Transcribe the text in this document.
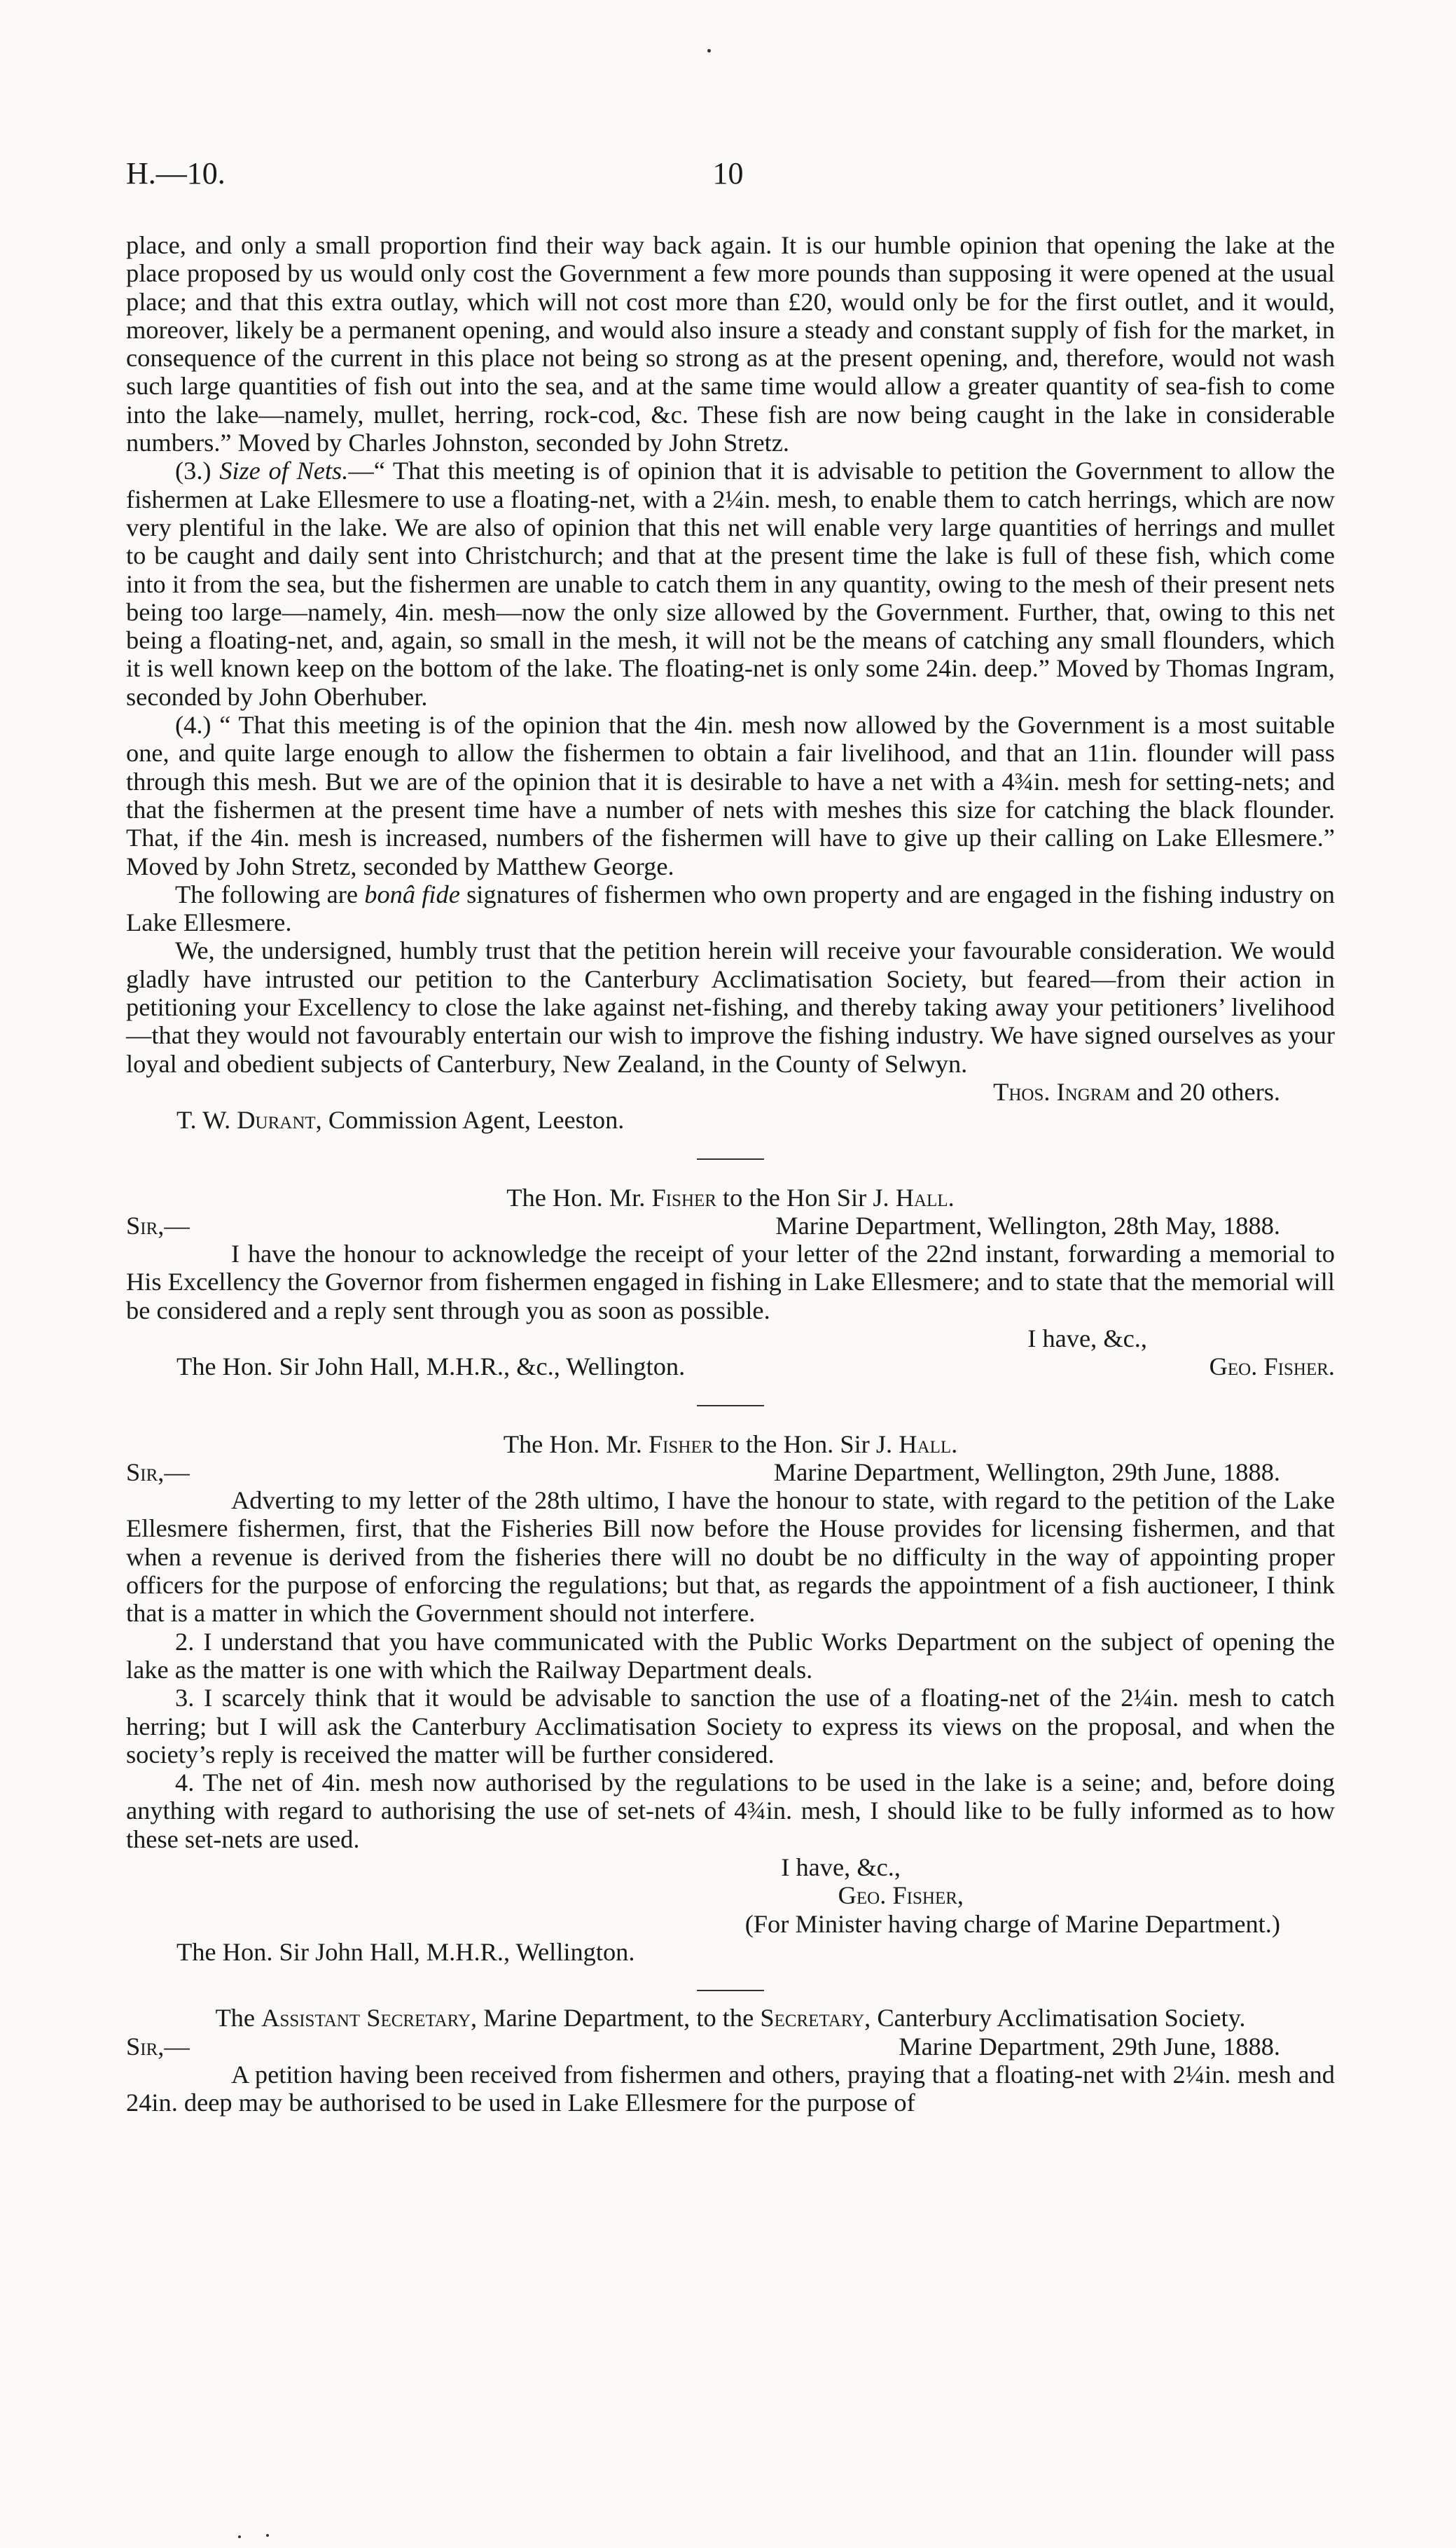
H.—10.	10

place, and only a small proportion find their way back again. It is our humble opinion that opening the lake at the place proposed by us would only cost the Government a few more pounds than supposing it were opened at the usual place; and that this extra outlay, which will not cost more than £20, would only be for the first outlet, and it would, moreover, likely be a permanent opening, and would also insure a steady and constant supply of fish for the market, in consequence of the current in this place not being so strong as at the present opening, and, therefore, would not wash such large quantities of fish out into the sea, and at the same time would allow a greater quantity of sea-fish to come into the lake—namely, mullet, herring, rock-cod, &c. These fish are now being caught in the lake in considerable numbers.” Moved by Charles Johnston, seconded by John Stretz.

(3.) Size of Nets.—“ That this meeting is of opinion that it is advisable to petition the Government to allow the fishermen at Lake Ellesmere to use a floating-net, with a 2¼in. mesh, to enable them to catch herrings, which are now very plentiful in the lake. We are also of opinion that this net will enable very large quantities of herrings and mullet to be caught and daily sent into Christchurch; and that at the present time the lake is full of these fish, which come into it from the sea, but the fishermen are unable to catch them in any quantity, owing to the mesh of their present nets being too large—namely, 4in. mesh—now the only size allowed by the Government. Further, that, owing to this net being a floating-net, and, again, so small in the mesh, it will not be the means of catching any small flounders, which it is well known keep on the bottom of the lake. The floating-net is only some 24in. deep.” Moved by Thomas Ingram, seconded by John Oberhuber.

(4.) “ That this meeting is of the opinion that the 4in. mesh now allowed by the Government is a most suitable one, and quite large enough to allow the fishermen to obtain a fair livelihood, and that an 11in. flounder will pass through this mesh. But we are of the opinion that it is desirable to have a net with a 4¾in. mesh for setting-nets; and that the fishermen at the present time have a number of nets with meshes this size for catching the black flounder. That, if the 4in. mesh is increased, numbers of the fishermen will have to give up their calling on Lake Ellesmere.” Moved by John Stretz, seconded by Matthew George.

The following are bonâ fide signatures of fishermen who own property and are engaged in the fishing industry on Lake Ellesmere.

We, the undersigned, humbly trust that the petition herein will receive your favourable consideration. We would gladly have intrusted our petition to the Canterbury Acclimatisation Society, but feared—from their action in petitioning your Excellency to close the lake against net-fishing, and thereby taking away your petitioners’ livelihood—that they would not favourably entertain our wish to improve the fishing industry. We have signed ourselves as your loyal and obedient subjects of Canterbury, New Zealand, in the County of Selwyn.

Thos. Ingram and 20 others.

T. W. Durant, Commission Agent, Leeston.

The Hon. Mr. Fisher to the Hon Sir J. Hall.

Sir,—	Marine Department, Wellington, 28th May, 1888.

I have the honour to acknowledge the receipt of your letter of the 22nd instant, forwarding a memorial to His Excellency the Governor from fishermen engaged in fishing in Lake Ellesmere; and to state that the memorial will be considered and a reply sent through you as soon as possible.

I have, &c.,

The Hon. Sir John Hall, M.H.R., &c., Wellington.	Geo. Fisher.

The Hon. Mr. Fisher to the Hon. Sir J. Hall.

Sir,—	Marine Department, Wellington, 29th June, 1888.

Adverting to my letter of the 28th ultimo, I have the honour to state, with regard to the petition of the Lake Ellesmere fishermen, first, that the Fisheries Bill now before the House provides for licensing fishermen, and that when a revenue is derived from the fisheries there will no doubt be no difficulty in the way of appointing proper officers for the purpose of enforcing the regulations; but that, as regards the appointment of a fish auctioneer, I think that is a matter in which the Government should not interfere.

2. I understand that you have communicated with the Public Works Department on the subject of opening the lake as the matter is one with which the Railway Department deals.

3. I scarcely think that it would be advisable to sanction the use of a floating-net of the 2¼in. mesh to catch herring; but I will ask the Canterbury Acclimatisation Society to express its views on the proposal, and when the society’s reply is received the matter will be further considered.

4. The net of 4in. mesh now authorised by the regulations to be used in the lake is a seine; and, before doing anything with regard to authorising the use of set-nets of 4¾in. mesh, I should like to be fully informed as to how these set-nets are used.

I have, &c.,

Geo. Fisher,

(For Minister having charge of Marine Department.)

The Hon. Sir John Hall, M.H.R., Wellington.

The Assistant Secretary, Marine Department, to the Secretary, Canterbury Acclimatisation Society.

Sir,—	Marine Department, 29th June, 1888.

A petition having been received from fishermen and others, praying that a floating-net with 2¼in. mesh and 24in. deep may be authorised to be used in Lake Ellesmere for the purpose of
